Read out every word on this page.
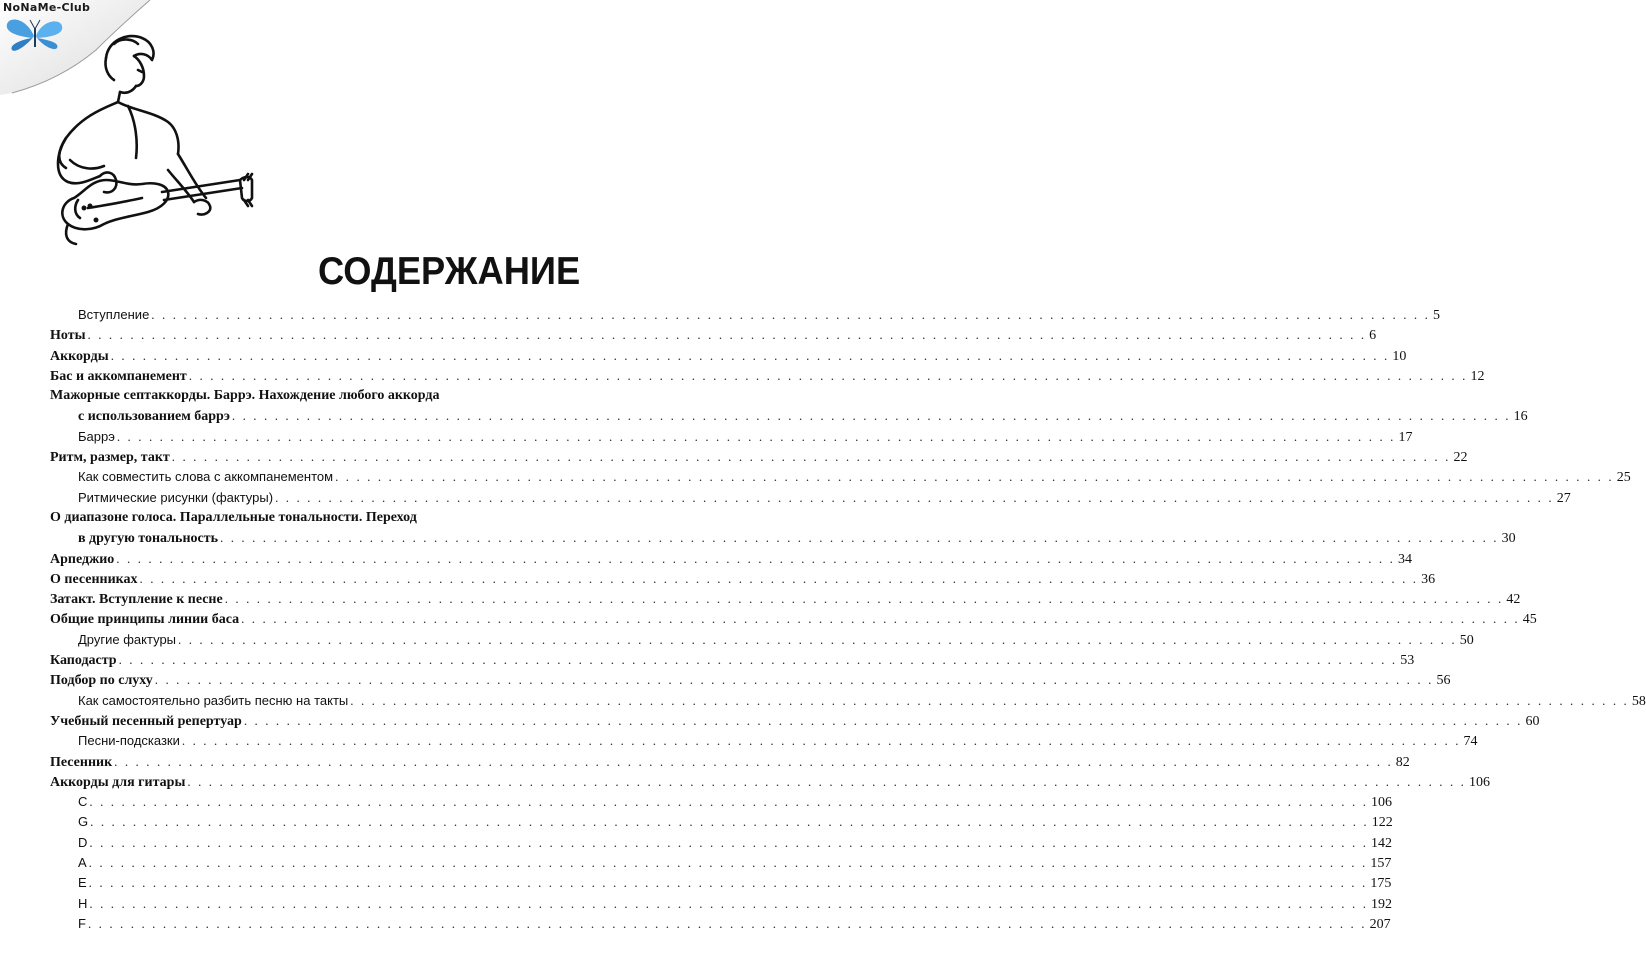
NoNaMe-Club
СОДЕРЖАНИЕ
Вступление . . . . . . . . . . . . . . . . . . . . . . . . . . . . . . . . . . . . . . . . . . . . . . . . . . . . . . . . . . . . . . . . . . . . . . . . . . . . . . . . . . . . . . . . . . . . . . . . . . . . . . . . . . . . . . . . . . . . . . . . 5
Ноты . . . . . . . . . . . . . . . . . . . . . . . . . . . . . . . . . . . . . . . . . . . . . . . . . . . . . . . . . . . . . . . . . . . . . . . . . . . . . . . . . . . . . . . . . . . . . . . . . . . . . . . . . . . . . . . . . . . . . . . . 6
Аккорды . . . . . . . . . . . . . . . . . . . . . . . . . . . . . . . . . . . . . . . . . . . . . . . . . . . . . . . . . . . . . . . . . . . . . . . . . . . . . . . . . . . . . . . . . . . . . . . . . . . . . . . . . . . . . . . . . . . . . . . . 10
Бас и аккомпанемент . . . . . . . . . . . . . . . . . . . . . . . . . . . . . . . . . . . . . . . . . . . . . . . . . . . . . . . . . . . . . . . . . . . . . . . . . . . . . . . . . . . . . . . . . . . . . . . . . . . . . . . . . . . . . . . . . . . . . . . . 12
Мажорные септаккорды. Баррэ. Нахождение любого аккорда
с использованием баррэ . . . . . . . . . . . . . . . . . . . . . . . . . . . . . . . . . . . . . . . . . . . . . . . . . . . . . . . . . . . . . . . . . . . . . . . . . . . . . . . . . . . . . . . . . . . . . . . . . . . . . . . . . . . . . . . . . . . . . . . . 16
Баррэ . . . . . . . . . . . . . . . . . . . . . . . . . . . . . . . . . . . . . . . . . . . . . . . . . . . . . . . . . . . . . . . . . . . . . . . . . . . . . . . . . . . . . . . . . . . . . . . . . . . . . . . . . . . . . . . . . . . . . . . . 17
Ритм, размер, такт . . . . . . . . . . . . . . . . . . . . . . . . . . . . . . . . . . . . . . . . . . . . . . . . . . . . . . . . . . . . . . . . . . . . . . . . . . . . . . . . . . . . . . . . . . . . . . . . . . . . . . . . . . . . . . . . . . . . . . . . 22
Как совместить слова с аккомпанементом . . . . . . . . . . . . . . . . . . . . . . . . . . . . . . . . . . . . . . . . . . . . . . . . . . . . . . . . . . . . . . . . . . . . . . . . . . . . . . . . . . . . . . . . . . . . . . . . . . . . . . . . . . . . . . . . . . . . . . . . 25
Ритмические рисунки (фактуры) . . . . . . . . . . . . . . . . . . . . . . . . . . . . . . . . . . . . . . . . . . . . . . . . . . . . . . . . . . . . . . . . . . . . . . . . . . . . . . . . . . . . . . . . . . . . . . . . . . . . . . . . . . . . . . . . . . . . . . . . 27
О диапазоне голоса. Параллельные тональности. Переход
в другую тональность . . . . . . . . . . . . . . . . . . . . . . . . . . . . . . . . . . . . . . . . . . . . . . . . . . . . . . . . . . . . . . . . . . . . . . . . . . . . . . . . . . . . . . . . . . . . . . . . . . . . . . . . . . . . . . . . . . . . . . . . 30
Арпеджио . . . . . . . . . . . . . . . . . . . . . . . . . . . . . . . . . . . . . . . . . . . . . . . . . . . . . . . . . . . . . . . . . . . . . . . . . . . . . . . . . . . . . . . . . . . . . . . . . . . . . . . . . . . . . . . . . . . . . . . . 34
О песенниках . . . . . . . . . . . . . . . . . . . . . . . . . . . . . . . . . . . . . . . . . . . . . . . . . . . . . . . . . . . . . . . . . . . . . . . . . . . . . . . . . . . . . . . . . . . . . . . . . . . . . . . . . . . . . . . . . . . . . . . . 36
Затакт. Вступление к песне . . . . . . . . . . . . . . . . . . . . . . . . . . . . . . . . . . . . . . . . . . . . . . . . . . . . . . . . . . . . . . . . . . . . . . . . . . . . . . . . . . . . . . . . . . . . . . . . . . . . . . . . . . . . . . . . . . . . . . . . 42
Общие принципы линии баса . . . . . . . . . . . . . . . . . . . . . . . . . . . . . . . . . . . . . . . . . . . . . . . . . . . . . . . . . . . . . . . . . . . . . . . . . . . . . . . . . . . . . . . . . . . . . . . . . . . . . . . . . . . . . . . . . . . . . . . . 45
Другие фактуры . . . . . . . . . . . . . . . . . . . . . . . . . . . . . . . . . . . . . . . . . . . . . . . . . . . . . . . . . . . . . . . . . . . . . . . . . . . . . . . . . . . . . . . . . . . . . . . . . . . . . . . . . . . . . . . . . . . . . . . . 50
Каподастр . . . . . . . . . . . . . . . . . . . . . . . . . . . . . . . . . . . . . . . . . . . . . . . . . . . . . . . . . . . . . . . . . . . . . . . . . . . . . . . . . . . . . . . . . . . . . . . . . . . . . . . . . . . . . . . . . . . . . . . . 53
Подбор по слуху . . . . . . . . . . . . . . . . . . . . . . . . . . . . . . . . . . . . . . . . . . . . . . . . . . . . . . . . . . . . . . . . . . . . . . . . . . . . . . . . . . . . . . . . . . . . . . . . . . . . . . . . . . . . . . . . . . . . . . . . 56
Как самостоятельно разбить песню на такты . . . . . . . . . . . . . . . . . . . . . . . . . . . . . . . . . . . . . . . . . . . . . . . . . . . . . . . . . . . . . . . . . . . . . . . . . . . . . . . . . . . . . . . . . . . . . . . . . . . . . . . . . . . . . . . . . . . . . . . . 58
Учебный песенный репертуар . . . . . . . . . . . . . . . . . . . . . . . . . . . . . . . . . . . . . . . . . . . . . . . . . . . . . . . . . . . . . . . . . . . . . . . . . . . . . . . . . . . . . . . . . . . . . . . . . . . . . . . . . . . . . . . . . . . . . . . . 60
Песни-подсказки . . . . . . . . . . . . . . . . . . . . . . . . . . . . . . . . . . . . . . . . . . . . . . . . . . . . . . . . . . . . . . . . . . . . . . . . . . . . . . . . . . . . . . . . . . . . . . . . . . . . . . . . . . . . . . . . . . . . . . . . 74
Песенник . . . . . . . . . . . . . . . . . . . . . . . . . . . . . . . . . . . . . . . . . . . . . . . . . . . . . . . . . . . . . . . . . . . . . . . . . . . . . . . . . . . . . . . . . . . . . . . . . . . . . . . . . . . . . . . . . . . . . . . . 82
Аккорды для гитары . . . . . . . . . . . . . . . . . . . . . . . . . . . . . . . . . . . . . . . . . . . . . . . . . . . . . . . . . . . . . . . . . . . . . . . . . . . . . . . . . . . . . . . . . . . . . . . . . . . . . . . . . . . . . . . . . . . . . . . . 106
C . . . . . . . . . . . . . . . . . . . . . . . . . . . . . . . . . . . . . . . . . . . . . . . . . . . . . . . . . . . . . . . . . . . . . . . . . . . . . . . . . . . . . . . . . . . . . . . . . . . . . . . . . . . . . . . . . . . . . . . . 106
G . . . . . . . . . . . . . . . . . . . . . . . . . . . . . . . . . . . . . . . . . . . . . . . . . . . . . . . . . . . . . . . . . . . . . . . . . . . . . . . . . . . . . . . . . . . . . . . . . . . . . . . . . . . . . . . . . . . . . . . . 122
D . . . . . . . . . . . . . . . . . . . . . . . . . . . . . . . . . . . . . . . . . . . . . . . . . . . . . . . . . . . . . . . . . . . . . . . . . . . . . . . . . . . . . . . . . . . . . . . . . . . . . . . . . . . . . . . . . . . . . . . . 142
A . . . . . . . . . . . . . . . . . . . . . . . . . . . . . . . . . . . . . . . . . . . . . . . . . . . . . . . . . . . . . . . . . . . . . . . . . . . . . . . . . . . . . . . . . . . . . . . . . . . . . . . . . . . . . . . . . . . . . . . . 157
E . . . . . . . . . . . . . . . . . . . . . . . . . . . . . . . . . . . . . . . . . . . . . . . . . . . . . . . . . . . . . . . . . . . . . . . . . . . . . . . . . . . . . . . . . . . . . . . . . . . . . . . . . . . . . . . . . . . . . . . . 175
H . . . . . . . . . . . . . . . . . . . . . . . . . . . . . . . . . . . . . . . . . . . . . . . . . . . . . . . . . . . . . . . . . . . . . . . . . . . . . . . . . . . . . . . . . . . . . . . . . . . . . . . . . . . . . . . . . . . . . . . . 192
F . . . . . . . . . . . . . . . . . . . . . . . . . . . . . . . . . . . . . . . . . . . . . . . . . . . . . . . . . . . . . . . . . . . . . . . . . . . . . . . . . . . . . . . . . . . . . . . . . . . . . . . . . . . . . . . . . . . . . . . . 207
